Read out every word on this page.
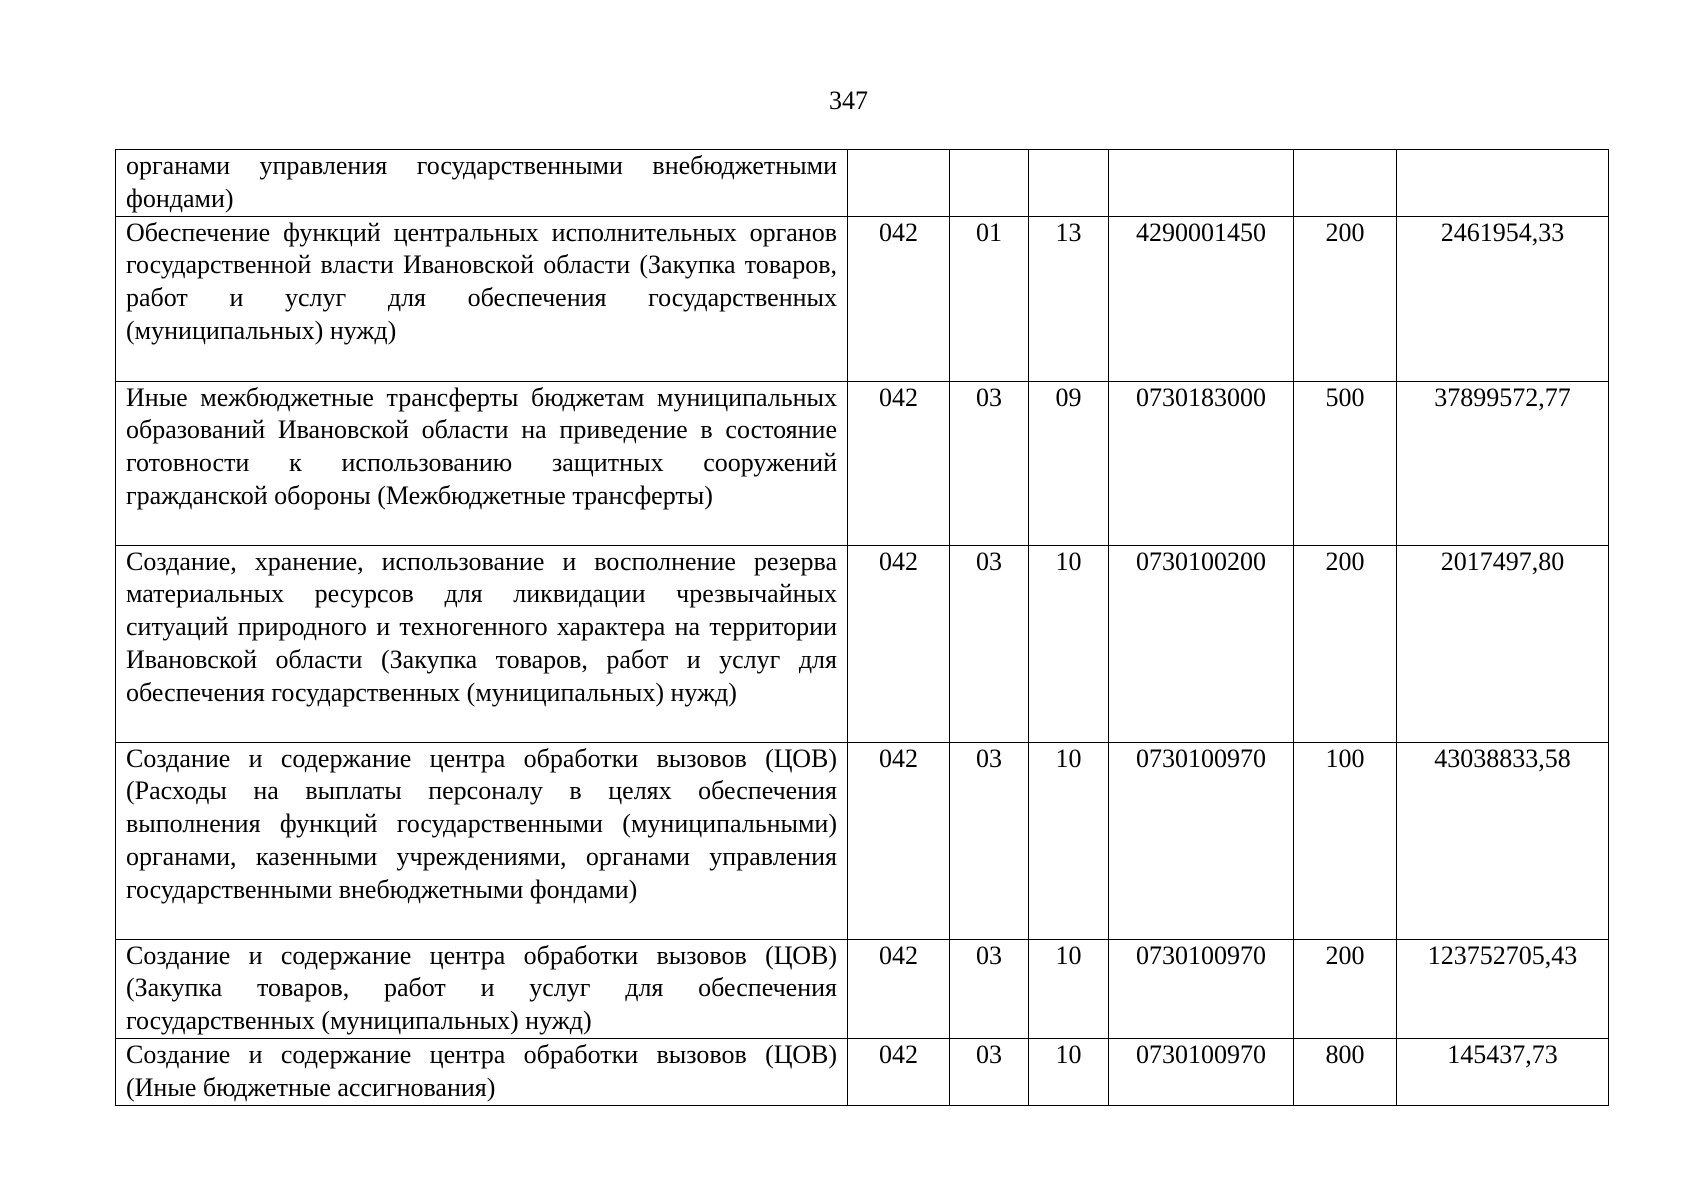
347
органами управления государственными внебюджетными фондами)						
Обеспечение функций центральных исполнительных органов государственной власти Ивановской области (Закупка товаров, работ и услуг для обеспечения государственных (муниципальных) нужд)	042	01	13	4290001450	200	2461954,33
Иные межбюджетные трансферты бюджетам муниципальных образований Ивановской области на приведение в состояние готовности к использованию защитных сооружений гражданской обороны (Межбюджетные трансферты)	042	03	09	0730183000	500	37899572,77
Создание, хранение, использование и восполнение резерва материальных ресурсов для ликвидации чрезвычайных ситуаций природного и техногенного характера на территории Ивановской области (Закупка товаров, работ и услуг для обеспечения государственных (муниципальных) нужд)	042	03	10	0730100200	200	2017497,80
Создание и содержание центра обработки вызовов (ЦОВ) (Расходы на выплаты персоналу в целях обеспечения выполнения функций государственными (муниципальными) органами, казенными учреждениями, органами управления государственными внебюджетными фондами)	042	03	10	0730100970	100	43038833,58
Создание и содержание центра обработки вызовов (ЦОВ) (Закупка товаров, работ и услуг для обеспечения государственных (муниципальных) нужд)	042	03	10	0730100970	200	123752705,43
Создание и содержание центра обработки вызовов (ЦОВ) (Иные бюджетные ассигнования)	042	03	10	0730100970	800	145437,73
